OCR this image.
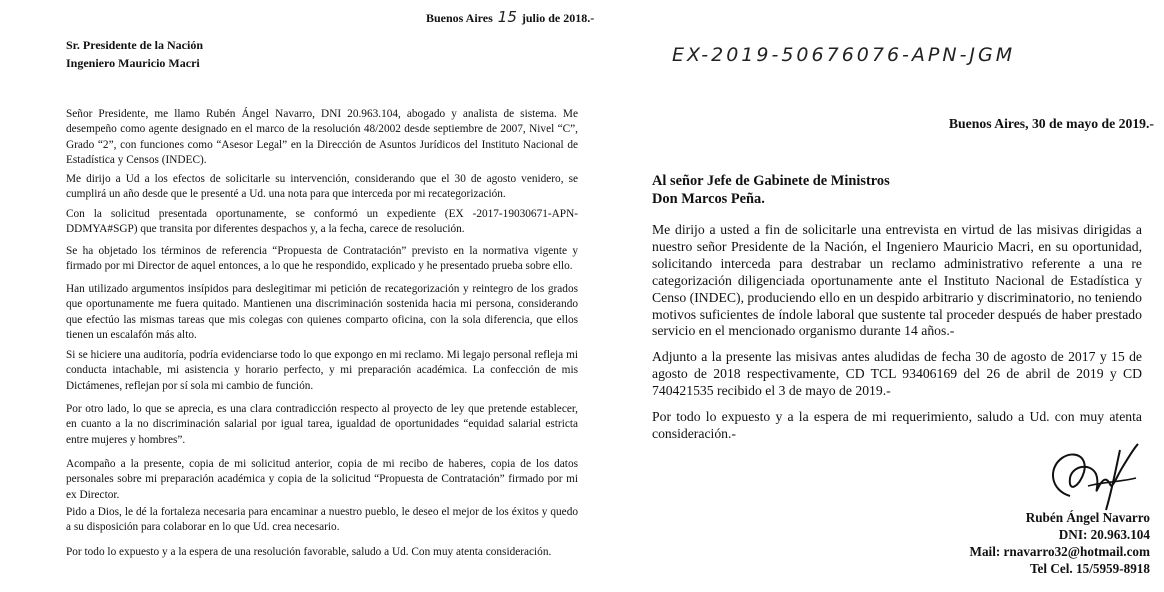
Buenos Aires 15 julio de 2018.-
Sr. Presidente de la Nación
Ingeniero Mauricio Macri

Señor Presidente, me llamo Rubén Ángel Navarro, DNI 20.963.104, abogado y analista de sistema. Me desempeño como agente designado en el marco de la resolución 48/2002 desde septiembre de 2007, Nivel “C”, Grado “2”, con funciones como “Asesor Legal” en la Dirección de Asuntos Jurídicos del Instituto Nacional de Estadística y Censos (INDEC).

Me dirijo a Ud a los efectos de solicitarle su intervención, considerando que el 30 de agosto venidero, se cumplirá un año desde que le presenté a Ud. una nota para que interceda por mi recategorización.

Con la solicitud presentada oportunamente, se conformó un expediente (EX -2017-19030671-APN-DDMYA#SGP) que transita por diferentes despachos y, a la fecha, carece de resolución.

Se ha objetado los términos de referencia “Propuesta de Contratación” previsto en la normativa vigente y firmado por mi Director de aquel entonces, a lo que he respondido, explicado y he presentado prueba sobre ello.

Han utilizado argumentos insípidos para deslegitimar mi petición de recategorización y reintegro de los grados que oportunamente me fuera quitado. Mantienen una discriminación sostenida hacia mi persona, considerando que efectúo las mismas tareas que mis colegas con quienes comparto oficina, con la sola diferencia, que ellos tienen un escalafón más alto.

Si se hiciere una auditoría, podría evidenciarse todo lo que expongo en mi reclamo. Mi legajo personal refleja mi conducta intachable, mi asistencia y horario perfecto, y mi preparación académica. La confección de mis Dictámenes, reflejan por sí sola mi cambio de función.

Por otro lado, lo que se aprecia, es una clara contradicción respecto al proyecto de ley que pretende establecer, en cuanto a la no discriminación salarial por igual tarea, igualdad de oportunidades “equidad salarial estricta entre mujeres y hombres”.

Acompaño a la presente, copia de mi solicitud anterior, copia de mi recibo de haberes, copia de los datos personales sobre mi preparación académica y copia de la solicitud “Propuesta de Contratación” firmado por mi ex Director.

Pido a Dios, le dé la fortaleza necesaria para encaminar a nuestro pueblo, le deseo el mejor de los éxitos y quedo a su disposición para colaborar en lo que Ud. crea necesario.

Por todo lo expuesto y a la espera de una resolución favorable, saludo a Ud. Con muy atenta consideración.

EX-2019-50676076-APN-JGM
Buenos Aires, 30 de mayo de 2019.-
Al señor Jefe de Gabinete de Ministros
Don Marcos Peña.

Me dirijo a usted a fin de solicitarle una entrevista en virtud de las misivas dirigidas a nuestro señor Presidente de la Nación, el Ingeniero Mauricio Macri, en su oportunidad, solicitando interceda para destrabar un reclamo administrativo referente a una re categorización diligenciada oportunamente ante el Instituto Nacional de Estadística y Censo (INDEC), produciendo ello en un despido arbitrario y discriminatorio, no teniendo motivos suficientes de índole laboral que sustente tal proceder después de haber prestado servicio en el mencionado organismo durante 14 años.-

Adjunto a la presente las misivas antes aludidas de fecha 30 de agosto de 2017 y 15 de agosto de 2018 respectivamente, CD TCL 93406169 del 26 de abril de 2019 y CD 740421535 recibido el 3 de mayo de 2019.-

Por todo lo expuesto y a la espera de mi requerimiento, saludo a Ud. con muy atenta consideración.-

Rubén Ángel Navarro
DNI: 20.963.104
Mail: rnavarro32@hotmail.com
Tel Cel. 15/5959-8918
